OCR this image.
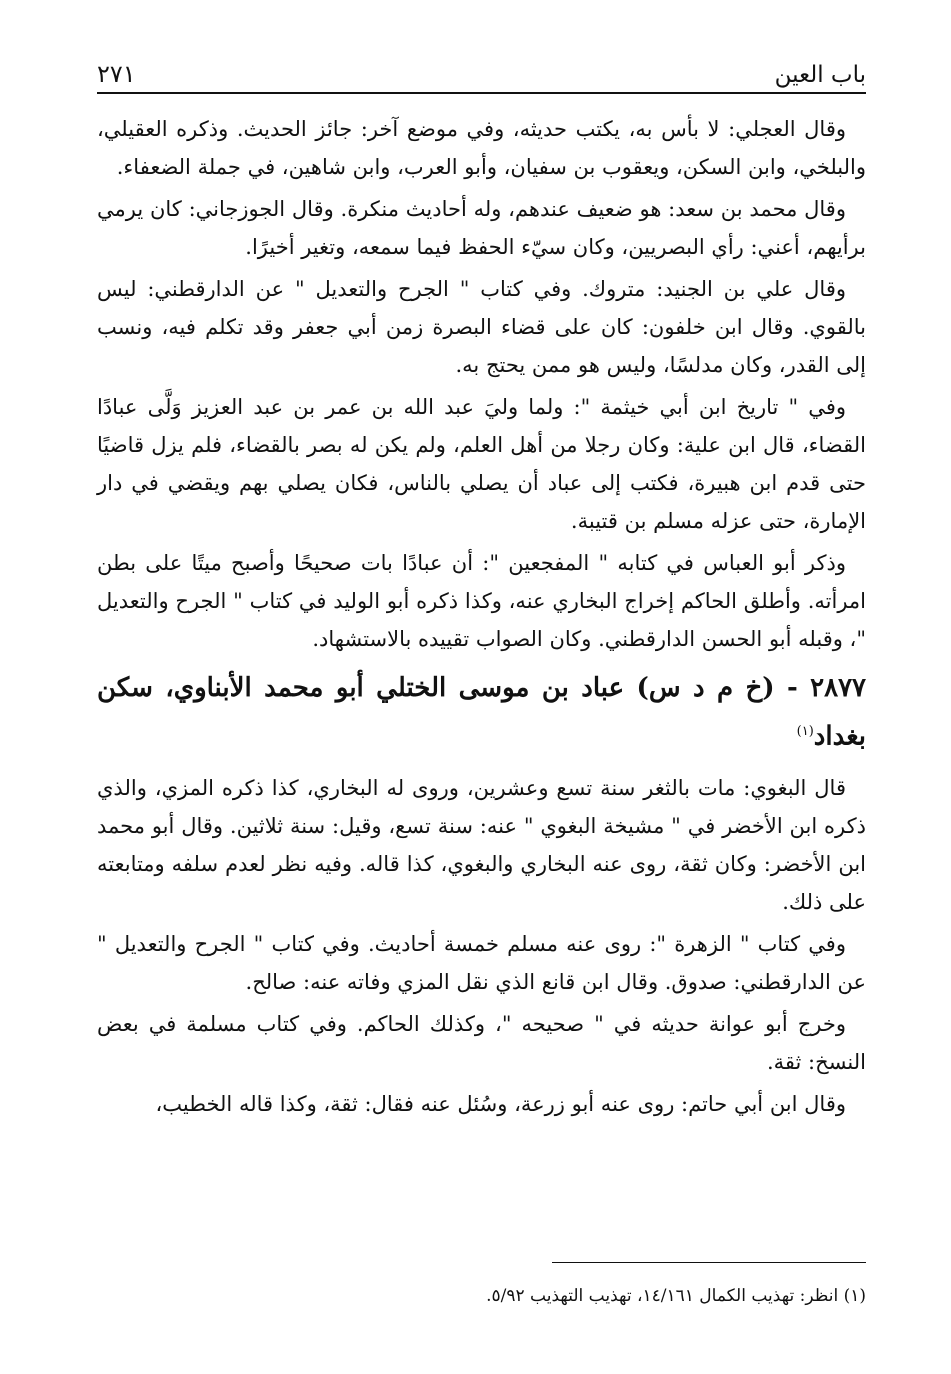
باب العين
٢٧١

وقال العجلي: لا بأس به، يكتب حديثه، وفي موضع آخر: جائز الحديث. وذكره العقيلي، والبلخي، وابن السكن، ويعقوب بن سفيان، وأبو العرب، وابن شاهين، في جملة الضعفاء.

وقال محمد بن سعد: هو ضعيف عندهم، وله أحاديث منكرة. وقال الجوزجاني: كان يرمي برأيهم، أعني: رأي البصريين، وكان سيّء الحفظ فيما سمعه، وتغير أخيرًا.

وقال علي بن الجنيد: متروك. وفي كتاب " الجرح والتعديل " عن الدارقطني: ليس بالقوي. وقال ابن خلفون: كان على قضاء البصرة زمن أبي جعفر وقد تكلم فيه، ونسب إلى القدر، وكان مدلسًا، وليس هو ممن يحتج به.

وفي " تاريخ ابن أبي خيثمة ": ولما وليَ عبد الله بن عمر بن عبد العزيز وَلَّى عبادًا القضاء، قال ابن علية: وكان رجلا من أهل العلم، ولم يكن له بصر بالقضاء، فلم يزل قاضيًا حتى قدم ابن هبيرة، فكتب إلى عباد أن يصلي بالناس، فكان يصلي بهم ويقضي في دار الإمارة، حتى عزله مسلم بن قتيبة.

وذكر أبو العباس في كتابه " المفجعين ": أن عبادًا بات صحيحًا وأصبح ميتًا على بطن امرأته. وأطلق الحاكم إخراج البخاري عنه، وكذا ذكره أبو الوليد في كتاب " الجرح والتعديل "، وقبله أبو الحسن الدارقطني. وكان الصواب تقييده بالاستشهاد.

٢٨٧٧ - (خ م د س) عباد بن موسى الختلي أبو محمد الأبناوي، سكن بغداد$^{(١)}$

قال البغوي: مات بالثغر سنة تسع وعشرين، وروى له البخاري، كذا ذكره المزي، والذي ذكره ابن الأخضر في " مشيخة البغوي " عنه: سنة تسع، وقيل: سنة ثلاثين. وقال أبو محمد ابن الأخضر: وكان ثقة، روى عنه البخاري والبغوي، كذا قاله. وفيه نظر لعدم سلفه ومتابعته على ذلك.

وفي كتاب " الزهرة ": روى عنه مسلم خمسة أحاديث. وفي كتاب " الجرح والتعديل " عن الدارقطني: صدوق. وقال ابن قانع الذي نقل المزي وفاته عنه: صالح.

وخرج أبو عوانة حديثه في " صحيحه "، وكذلك الحاكم. وفي كتاب مسلمة في بعض النسخ: ثقة.

وقال ابن أبي حاتم: روى عنه أبو زرعة، وسُئل عنه فقال: ثقة، وكذا قاله الخطيب،

(١) انظر: تهذيب الكمال ١٤/١٦١، تهذيب التهذيب ٥/٩٢.
